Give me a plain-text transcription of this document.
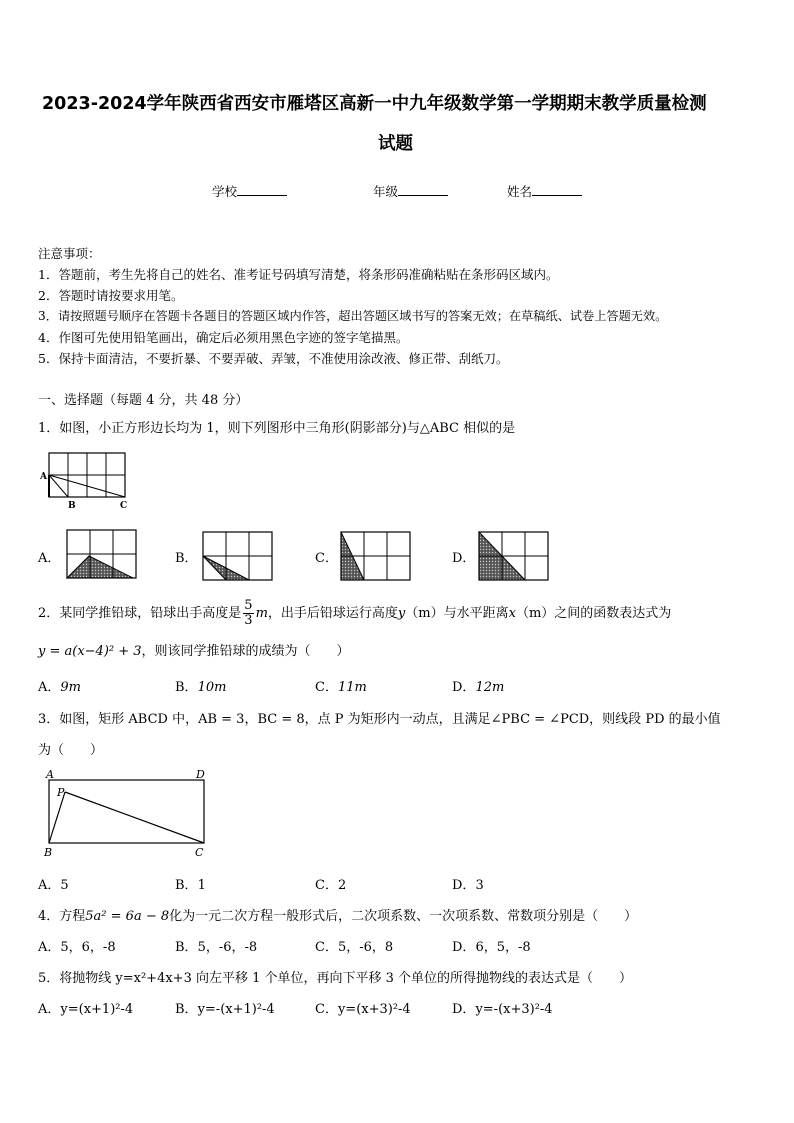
2023-2024学年陕西省西安市雁塔区高新一中九年级数学第一学期期末教学质量检测
试题
学校	年级	姓名
注意事项：
1．答题前，考生先将自己的姓名、准考证号码填写清楚，将条形码准确粘贴在条形码区域内。
2．答题时请按要求用笔。
3．请按照题号顺序在答题卡各题目的答题区域内作答，超出答题区域书写的答案无效；在草稿纸、试卷上答题无效。
4．作图可先使用铅笔画出，确定后必须用黑色字迹的签字笔描黑。
5．保持卡面清洁，不要折暴、不要弄破、弄皱，不准使用涂改液、修正带、刮纸刀。
一、选择题（每题 4 分，共 48 分）
1．如图，小正方形边长均为 1，则下列图形中三角形(阴影部分)与△ABC 相似的是
A
B	C
A．	B．	C．	D．
2．某同学推铅球，铅球出手高度是 $\frac{5}{3}$ m，出手后铅球运行高度y（m）与水平距离x（m）之间的函数表达式为
y = a(x−4)² + 3，则该同学推铅球的成绩为（　　）
A．9m	B．10m	C．11m	D．12m
3．如图，矩形 ABCD 中，AB = 3，BC = 8，点 P 为矩形内一动点，且满足∠PBC = ∠PCD，则线段 PD 的最小值
为（　　）
A	D
P
B	C
A．5	B．1	C．2	D．3
4．方程5a² = 6a − 8化为一元二次方程一般形式后，二次项系数、一次项系数、常数项分别是（　　）
A．5，6，-8	B．5，-6，-8	C．5，-6，8	D．6，5，-8
5．将抛物线 y=x²+4x+3 向左平移 1 个单位，再向下平移 3 个单位的所得抛物线的表达式是（　　）
A．y=(x+1)²-4	B．y=-(x+1)²-4	C．y=(x+3)²-4	D．y=-(x+3)²-4
